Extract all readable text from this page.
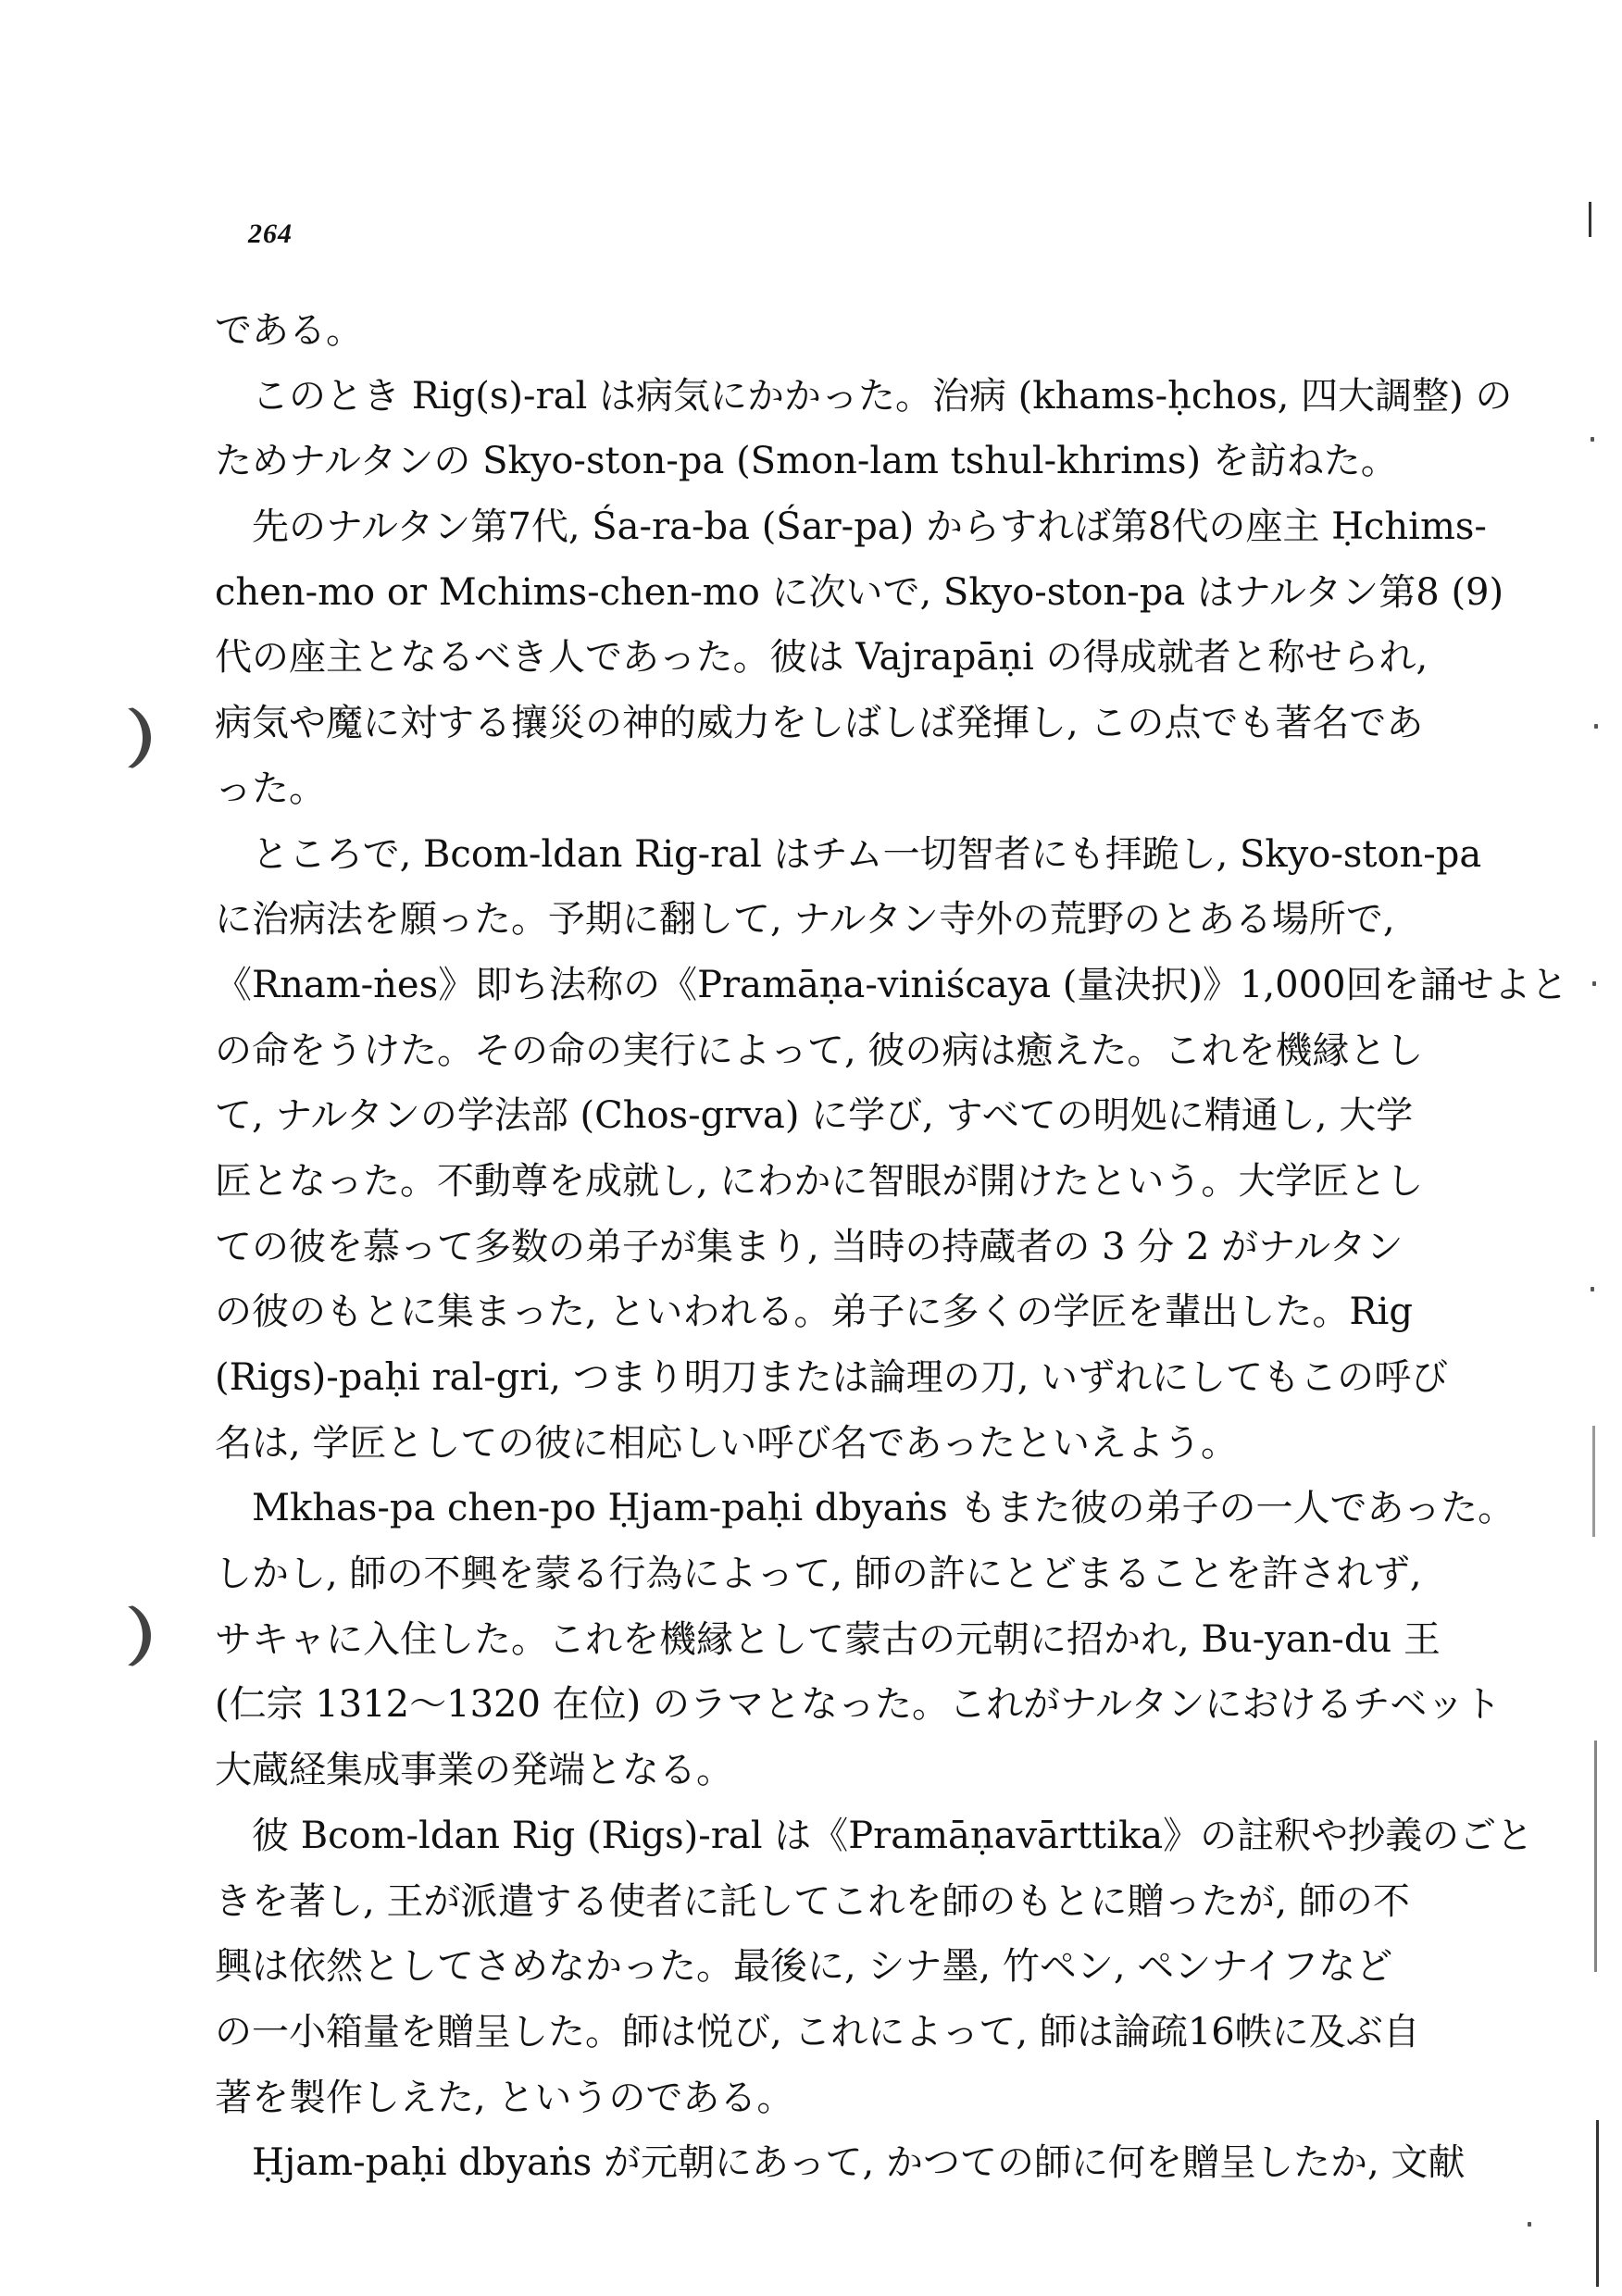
264
である。
このとき Rig(s)-ral は病気にかかった。治病 (khams-ḥchos, 四大調整) の
ためナルタンの Skyo-ston-pa (Smon-lam tshul-khrims) を訪ねた。
先のナルタン第7代, Śa-ra-ba (Śar-pa) からすれば第8代の座主 Ḥchims-
chen-mo or Mchims-chen-mo に次いで, Skyo-ston-pa はナルタン第8 (9)
代の座主となるべき人であった。彼は Vajrapāṇi の得成就者と称せられ,
病気や魔に対する攘災の神的威力をしばしば発揮し, この点でも著名であ
った。
ところで, Bcom-ldan Rig-ral はチム一切智者にも拝跪し, Skyo-ston-pa
に治病法を願った。予期に翻して, ナルタン寺外の荒野のとある場所で,
《Rnam-ṅes》即ち法称の《Pramāṇa-viniścaya (量決択)》1,000回を誦せよと
の命をうけた。その命の実行によって, 彼の病は癒えた。これを機縁とし
て, ナルタンの学法部 (Chos-grva) に学び, すべての明処に精通し, 大学
匠となった。不動尊を成就し, にわかに智眼が開けたという。大学匠とし
ての彼を慕って多数の弟子が集まり, 当時の持蔵者の 3 分 2 がナルタン
の彼のもとに集まった, といわれる。弟子に多くの学匠を輩出した。Rig
(Rigs)-paḥi ral-gri, つまり明刀または論理の刀, いずれにしてもこの呼び
名は, 学匠としての彼に相応しい呼び名であったといえよう。
Mkhas-pa chen-po Ḥjam-paḥi dbyaṅs もまた彼の弟子の一人であった。
しかし, 師の不興を蒙る行為によって, 師の許にとどまることを許されず,
サキャに入住した。これを機縁として蒙古の元朝に招かれ, Bu-yan-du 王
(仁宗 1312〜1320 在位) のラマとなった。これがナルタンにおけるチベット
大蔵経集成事業の発端となる。
彼 Bcom-ldan Rig (Rigs)-ral は《Pramāṇavārttika》の註釈や抄義のごと
きを著し, 王が派遣する使者に託してこれを師のもとに贈ったが, 師の不
興は依然としてさめなかった。最後に, シナ墨, 竹ペン, ペンナイフなど
の一小箱量を贈呈した。師は悦び, これによって, 師は論疏16帙に及ぶ自
著を製作しえた, というのである。
Ḥjam-paḥi dbyaṅs が元朝にあって, かつての師に何を贈呈したか, 文献
